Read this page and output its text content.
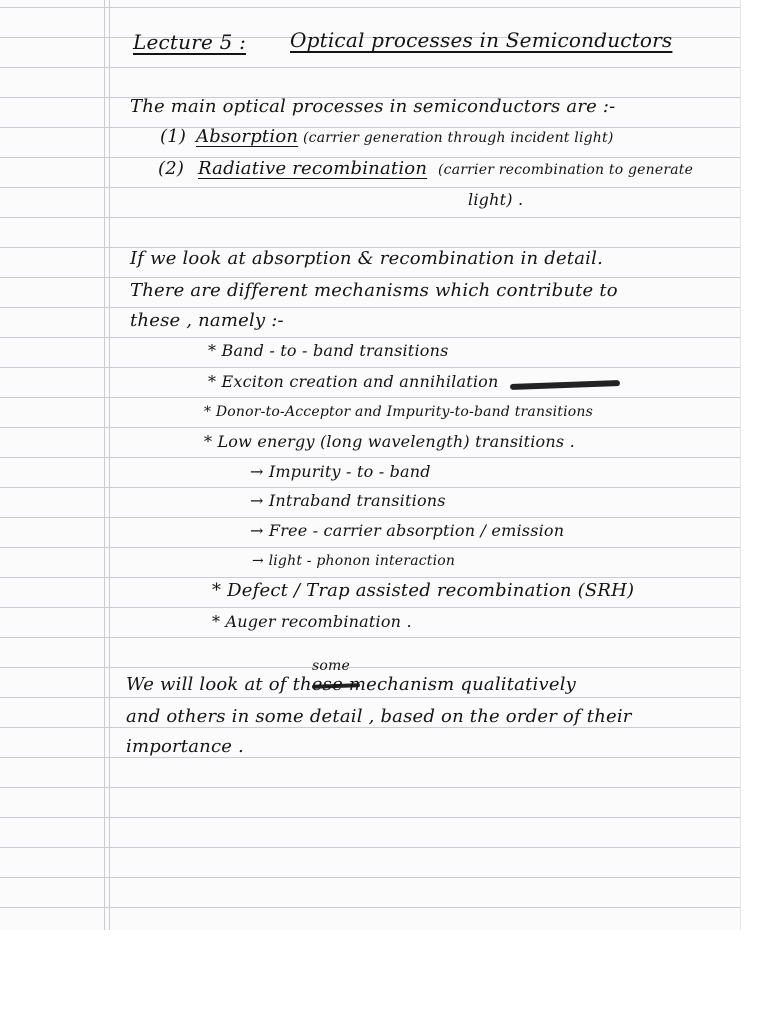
Lecture 5 : Optical processes in Semiconductors
The main optical processes in semiconductors are :-
(1) Absorption (carrier generation through incident light)
(2) Radiative recombination (carrier recombination to generate
light) .
If we look at absorption & recombination in detail.
There are different mechanisms which contribute to
these , namely :-
* Band - to - band transitions
* Exciton creation and annihilation
* Donor-to-Acceptor and Impurity-to-band transitions
* Low energy (long wavelength) transitions .
→ Impurity - to - band
→ Intraband transitions
→ Free - carrier absorption / emission
→ light - phonon interaction
* Defect / Trap assisted recombination (SRH)
* Auger recombination .
some
We will look at of these mechanism qualitatively
and others in some detail , based on the order of their
importance .
